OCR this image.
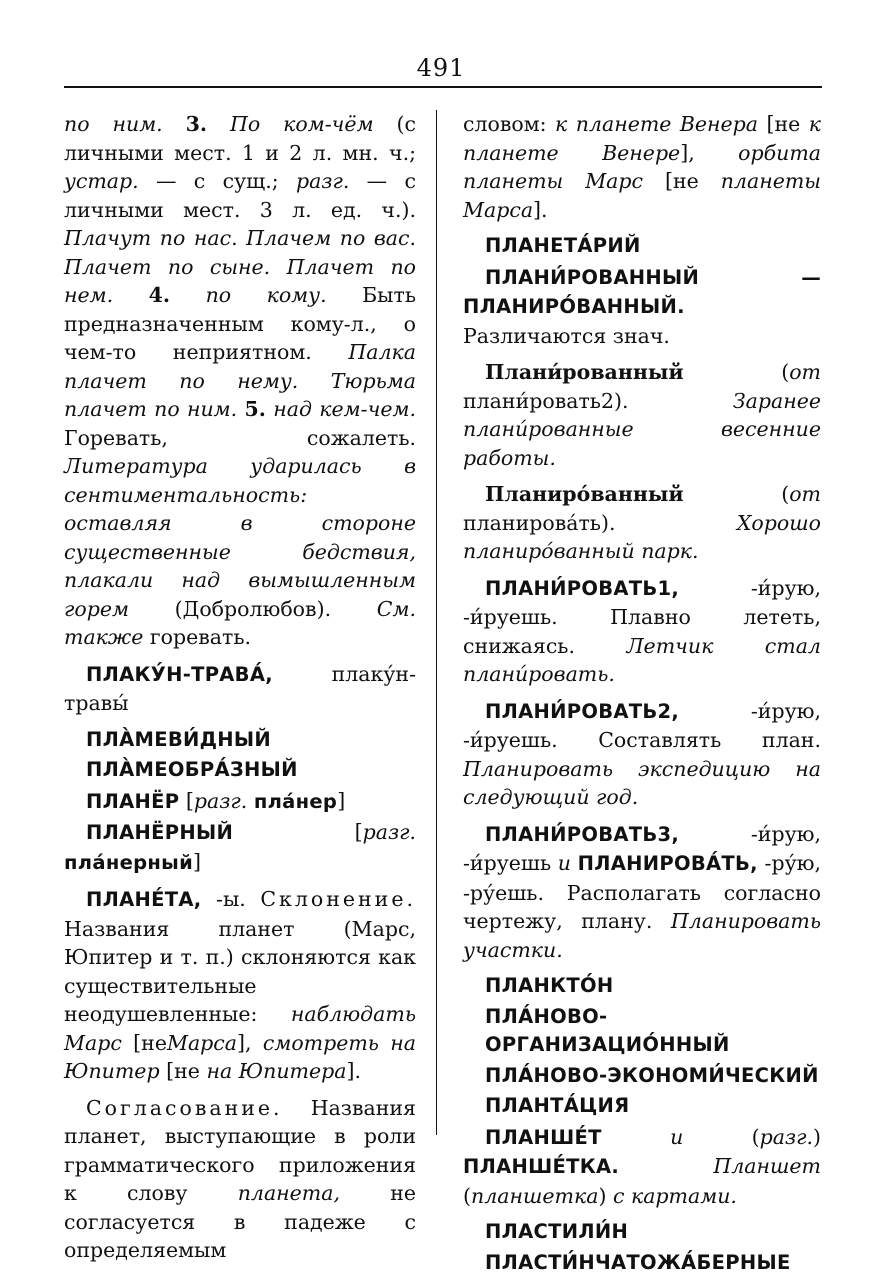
491

по ним. 3. По ком-чём (с личными мест. 1 и 2 л. мн. ч.; устар. — с сущ.; разг. — с личными мест. 3 л. ед. ч.). Плачут по нас. Плачем по вас. Плачет по сыне. Плачет по нем. 4. по кому. Быть предназначенным кому-л., о чем-то неприятном. Палка плачет по нему. Тюрьма плачет по ним. 5. над кем-чем. Горевать, сожалеть. Литература ударилась в сентиментальность: оставляя в стороне существенные бедствия, плакали над вымышленным горем (Добролюбов). См. также горевать.

ПЛАКУ́Н-ТРАВА́,	плаку́н-травы́

ПЛА̀МЕВИ́ДНЫЙ

ПЛА̀МЕОБРА́ЗНЫЙ

ПЛАНЁР [разг. пла́нер]

ПЛАНЁРНЫЙ	[разг. пла́нерный]

ПЛАНЕ́ТА, -ы. Склонение. Названия планет (Марс, Юпитер и т. п.) склоняются как существительные неодушевленные: наблюдать Марс [неМарса], смотреть на Юпитер [не на Юпитера].

Согласование. Названия планет, выступающие в роли грамматического приложения к слову планета, не согласуется в падеже с определяемым

словом: к планете Венера [не к планете Венере], орбита планеты Марс [не планеты Марса].

ПЛАНЕТА́РИЙ

ПЛАНИ́РОВАННЫЙ — ПЛАНИРО́ВАННЫЙ. Различаются знач.

Плани́рованный	(от плани́ровать2).	Заранее плани́рованные весенние работы.

Планиро́ванный	(от планирова́ть).	Хорошо планиро́ванный парк.

ПЛАНИ́РОВАТЬ1,	-и́рую, -и́руешь. Плавно лететь, снижаясь.	Летчик стал плани́ровать.

ПЛАНИ́РОВАТЬ2,	-и́рую, -и́руешь. Составлять план. Планировать экспедицию на следующий год.

ПЛАНИ́РОВАТЬ3,	-и́рую, -и́руешь и ПЛАНИРОВА́ТЬ, -ру́ю, -ру́ешь. Располагать согласно чертежу, плану. Планировать участки.

ПЛАНКТО́Н

ПЛА́НОВО-ОРГАНИЗАЦИО́ННЫЙ

ПЛА́НОВО-ЭКОНОМИ́ЧЕСКИЙ

ПЛАНТА́ЦИЯ

ПЛАНШЕ́Т	и	(разг.) ПЛАНШЕ́ТКА.	Планшет (планшетка) с картами.

ПЛАСТИЛИ́Н

ПЛАСТИ́НЧАТОЖА́БЕРНЫЕ
